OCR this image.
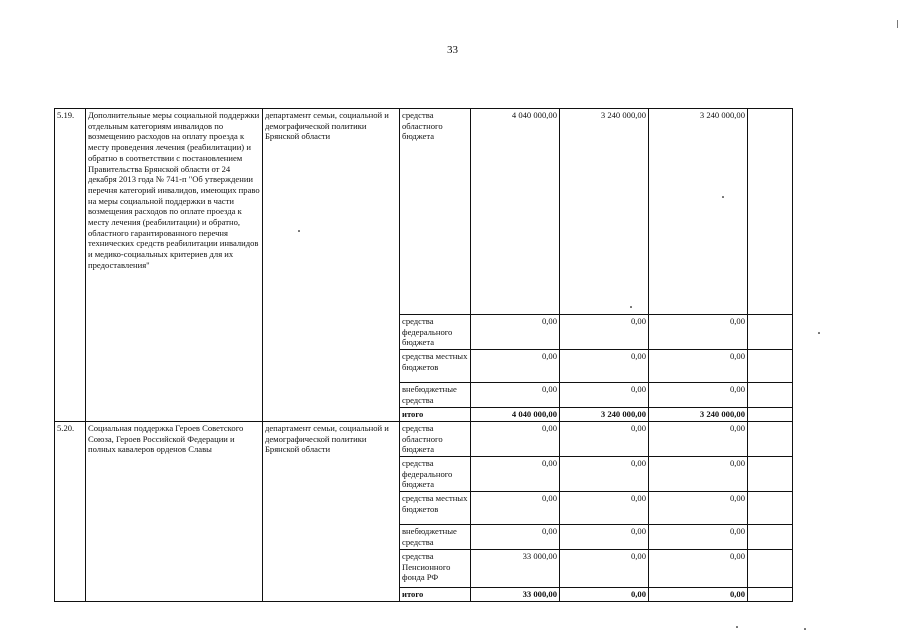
33
5.19.	Дополнительные меры социальной поддержки отдельным категориям инвалидов по возмещению расходов на оплату проезда к месту проведения лечения (реабилитации) и обратно в соответствии с постановлением Правительства Брянской области от 24 декабря 2013 года № 741-п "Об утверждении перечня категорий инвалидов, имеющих право на меры социальной поддержки в части возмещения расходов по оплате проезда к месту лечения (реабилитации) и обратно, областного гарантированного перечня технических средств реабилитации инвалидов и медико-социальных критериев для их предоставления"	департамент семьи, социальной и демографической политики Брянской области	средства областного бюджета	4 040 000,00	3 240 000,00	3 240 000,00	
			средства федерального бюджета	0,00	0,00	0,00	
			средства местных бюджетов	0,00	0,00	0,00	
			внебюджетные средства	0,00	0,00	0,00	
			итого	4 040 000,00	3 240 000,00	3 240 000,00	
5.20.	Социальная поддержка Героев Советского Союза, Героев Российской Федерации и полных кавалеров орденов Славы	департамент семьи, социальной и демографической политики Брянской области	средства областного бюджета	0,00	0,00	0,00	
			средства федерального бюджета	0,00	0,00	0,00	
			средства местных бюджетов	0,00	0,00	0,00	
			внебюджетные средства	0,00	0,00	0,00	
			средства Пенсионного фонда РФ	33 000,00	0,00	0,00	
			итого	33 000,00	0,00	0,00	
